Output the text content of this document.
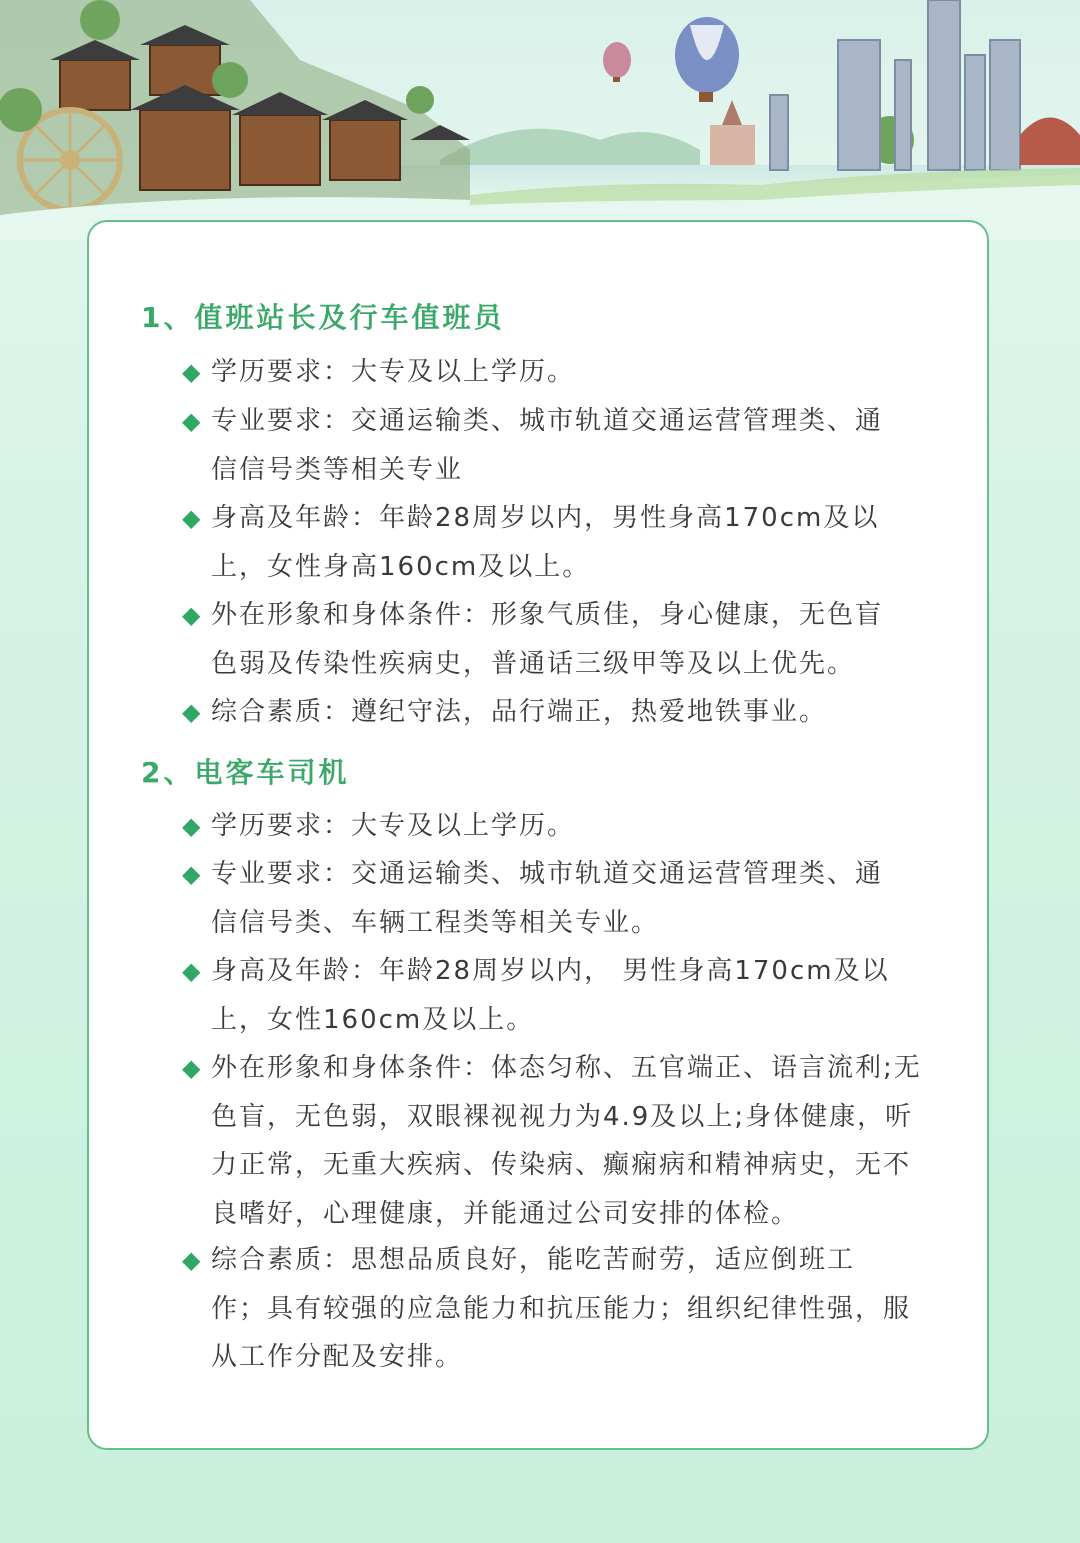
1、值班站长及行车值班员
◆ 学历要求：大专及以上学历。
◆ 专业要求：交通运输类、城市轨道交通运营管理类、通
信信号类等相关专业
◆ 身高及年龄：年龄28周岁以内，男性身高170cm及以
上，女性身高160cm及以上。
◆ 外在形象和身体条件：形象气质佳，身心健康，无色盲
色弱及传染性疾病史，普通话三级甲等及以上优先。
◆ 综合素质：遵纪守法，品行端正，热爱地铁事业。
2、电客车司机
◆ 学历要求：大专及以上学历。
◆ 专业要求：交通运输类、城市轨道交通运营管理类、通
信信号类、车辆工程类等相关专业。
◆ 身高及年龄：年龄28周岁以内， 男性身高170cm及以
上，女性160cm及以上。
◆ 外在形象和身体条件：体态匀称、五官端正、语言流利;无
色盲，无色弱，双眼裸视视力为4.9及以上;身体健康，听
力正常，无重大疾病、传染病、癫痫病和精神病史，无不
良嗜好，心理健康，并能通过公司安排的体检。
◆ 综合素质：思想品质良好，能吃苦耐劳，适应倒班工
作；具有较强的应急能力和抗压能力；组织纪律性强，服
从工作分配及安排。
